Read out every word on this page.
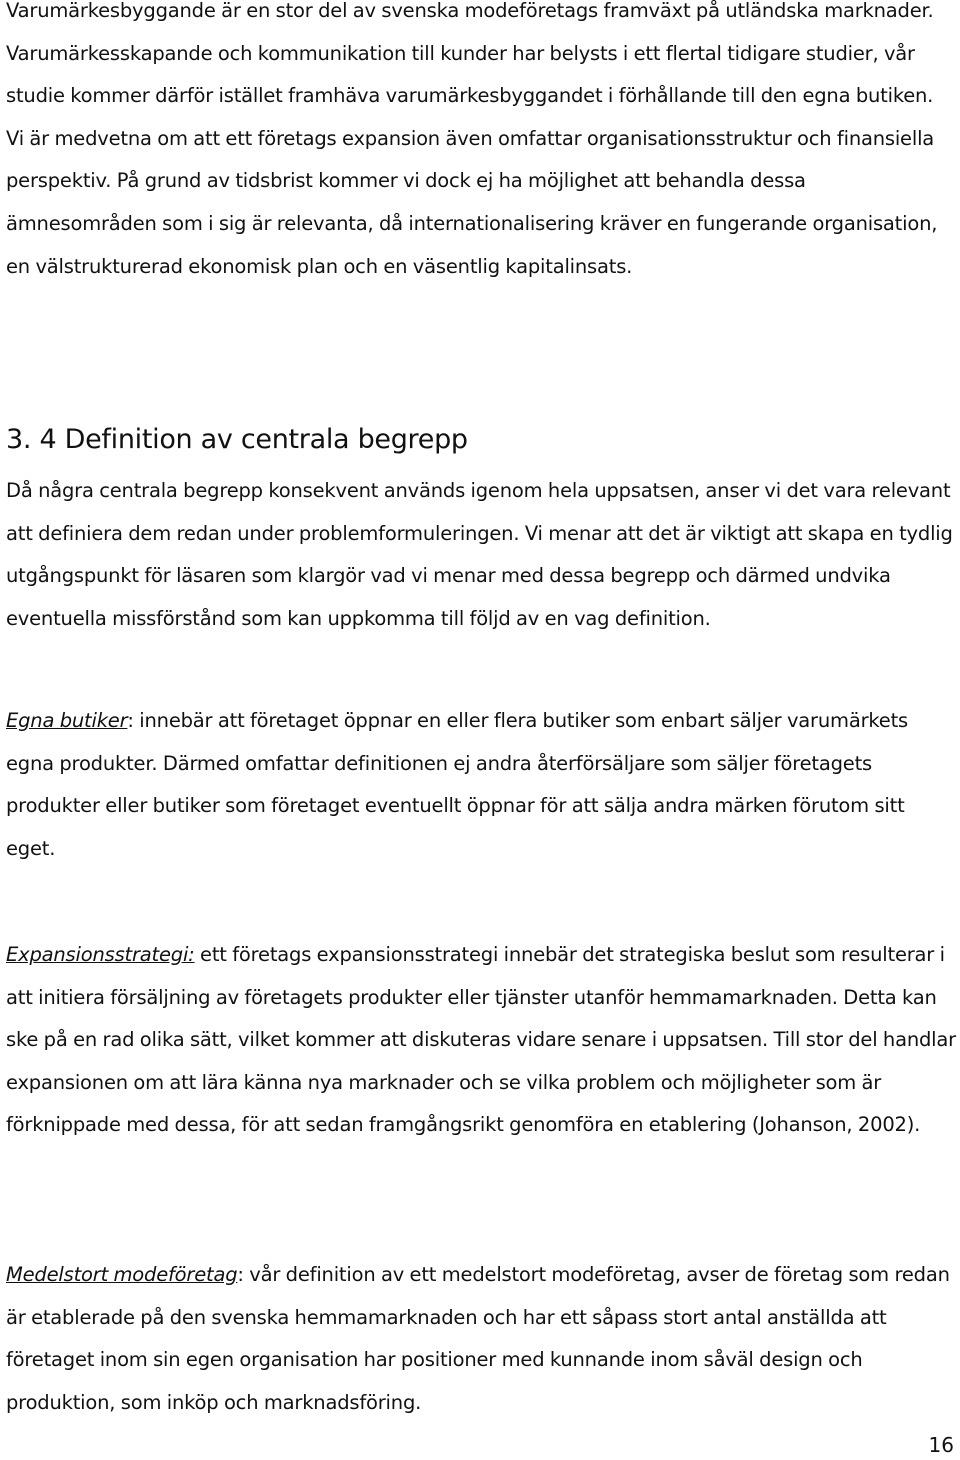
Varumärkesbyggande är en stor del av svenska modeföretags framväxt på utländska marknader. Varumärkesskapande och kommunikation till kunder har belysts i ett flertal tidigare studier, vår studie kommer därför istället framhäva varumärkesbyggandet i förhållande till den egna butiken. Vi är medvetna om att ett företags expansion även omfattar organisationsstruktur och finansiella perspektiv. På grund av tidsbrist kommer vi dock ej ha möjlighet att behandla dessa ämnesområden som i sig är relevanta, då internationalisering kräver en fungerande organisation, en välstrukturerad ekonomisk plan och en väsentlig kapitalinsats.

3. 4 Definition av centrala begrepp

Då några centrala begrepp konsekvent används igenom hela uppsatsen, anser vi det vara relevant att definiera dem redan under problemformuleringen. Vi menar att det är viktigt att skapa en tydlig utgångspunkt för läsaren som klargör vad vi menar med dessa begrepp och därmed undvika eventuella missförstånd som kan uppkomma till följd av en vag definition.

Egna butiker: innebär att företaget öppnar en eller flera butiker som enbart säljer varumärkets egna produkter. Därmed omfattar definitionen ej andra återförsäljare som säljer företagets produkter eller butiker som företaget eventuellt öppnar för att sälja andra märken förutom sitt eget.

Expansionsstrategi: ett företags expansionsstrategi innebär det strategiska beslut som resulterar i att initiera försäljning av företagets produkter eller tjänster utanför hemmamarknaden. Detta kan ske på en rad olika sätt, vilket kommer att diskuteras vidare senare i uppsatsen. Till stor del handlar expansionen om att lära känna nya marknader och se vilka problem och möjligheter som är förknippade med dessa, för att sedan framgångsrikt genomföra en etablering (Johanson, 2002).

Medelstort modeföretag: vår definition av ett medelstort modeföretag, avser de företag som redan är etablerade på den svenska hemmamarknaden och har ett såpass stort antal anställda att företaget inom sin egen organisation har positioner med kunnande inom såväl design och produktion, som inköp och marknadsföring.

16
